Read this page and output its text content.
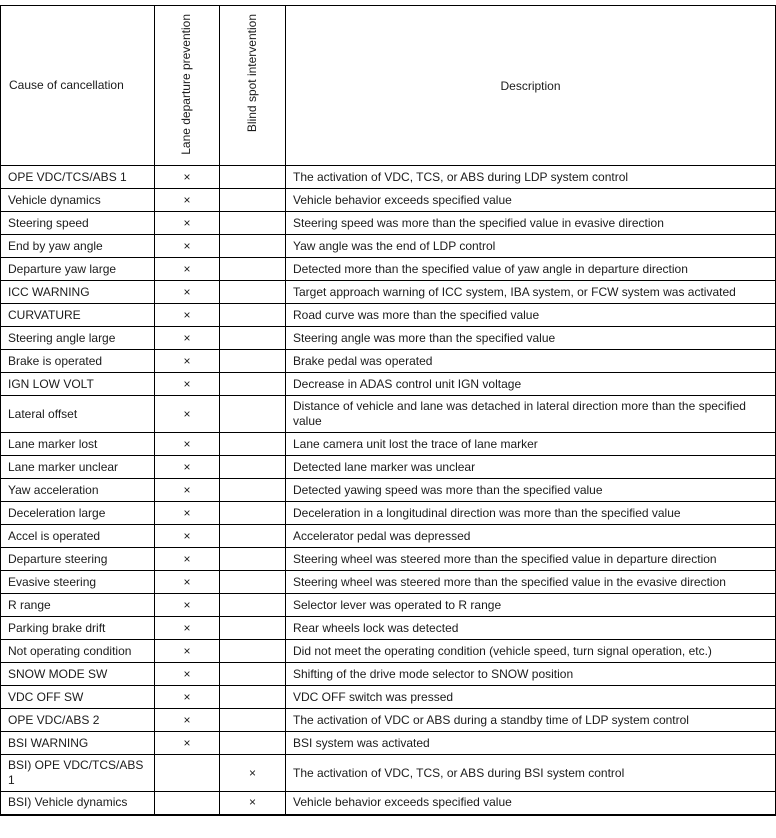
Cause of cancellation	Lane departure prevention	Blind spot intervention	Description
OPE VDC/TCS/ABS 1	×		The activation of VDC, TCS, or ABS during LDP system control
Vehicle dynamics	×		Vehicle behavior exceeds specified value
Steering speed	×		Steering speed was more than the specified value in evasive direction
End by yaw angle	×		Yaw angle was the end of LDP control
Departure yaw large	×		Detected more than the specified value of yaw angle in departure direction
ICC WARNING	×		Target approach warning of ICC system, IBA system, or FCW system was activated
CURVATURE	×		Road curve was more than the specified value
Steering angle large	×		Steering angle was more than the specified value
Brake is operated	×		Brake pedal was operated
IGN LOW VOLT	×		Decrease in ADAS control unit IGN voltage
Lateral offset	×		Distance of vehicle and lane was detached in lateral direction more than the specified value
Lane marker lost	×		Lane camera unit lost the trace of lane marker
Lane marker unclear	×		Detected lane marker was unclear
Yaw acceleration	×		Detected yawing speed was more than the specified value
Deceleration large	×		Deceleration in a longitudinal direction was more than the specified value
Accel is operated	×		Accelerator pedal was depressed
Departure steering	×		Steering wheel was steered more than the specified value in departure direction
Evasive steering	×		Steering wheel was steered more than the specified value in the evasive direction
R range	×		Selector lever was operated to R range
Parking brake drift	×		Rear wheels lock was detected
Not operating condition	×		Did not meet the operating condition (vehicle speed, turn signal operation, etc.)
SNOW MODE SW	×		Shifting of the drive mode selector to SNOW position
VDC OFF SW	×		VDC OFF switch was pressed
OPE VDC/ABS 2	×		The activation of VDC or ABS during a standby time of LDP system control
BSI WARNING	×		BSI system was activated
BSI) OPE VDC/TCS/ABS 1		×	The activation of VDC, TCS, or ABS during BSI system control
BSI) Vehicle dynamics		×	Vehicle behavior exceeds specified value
